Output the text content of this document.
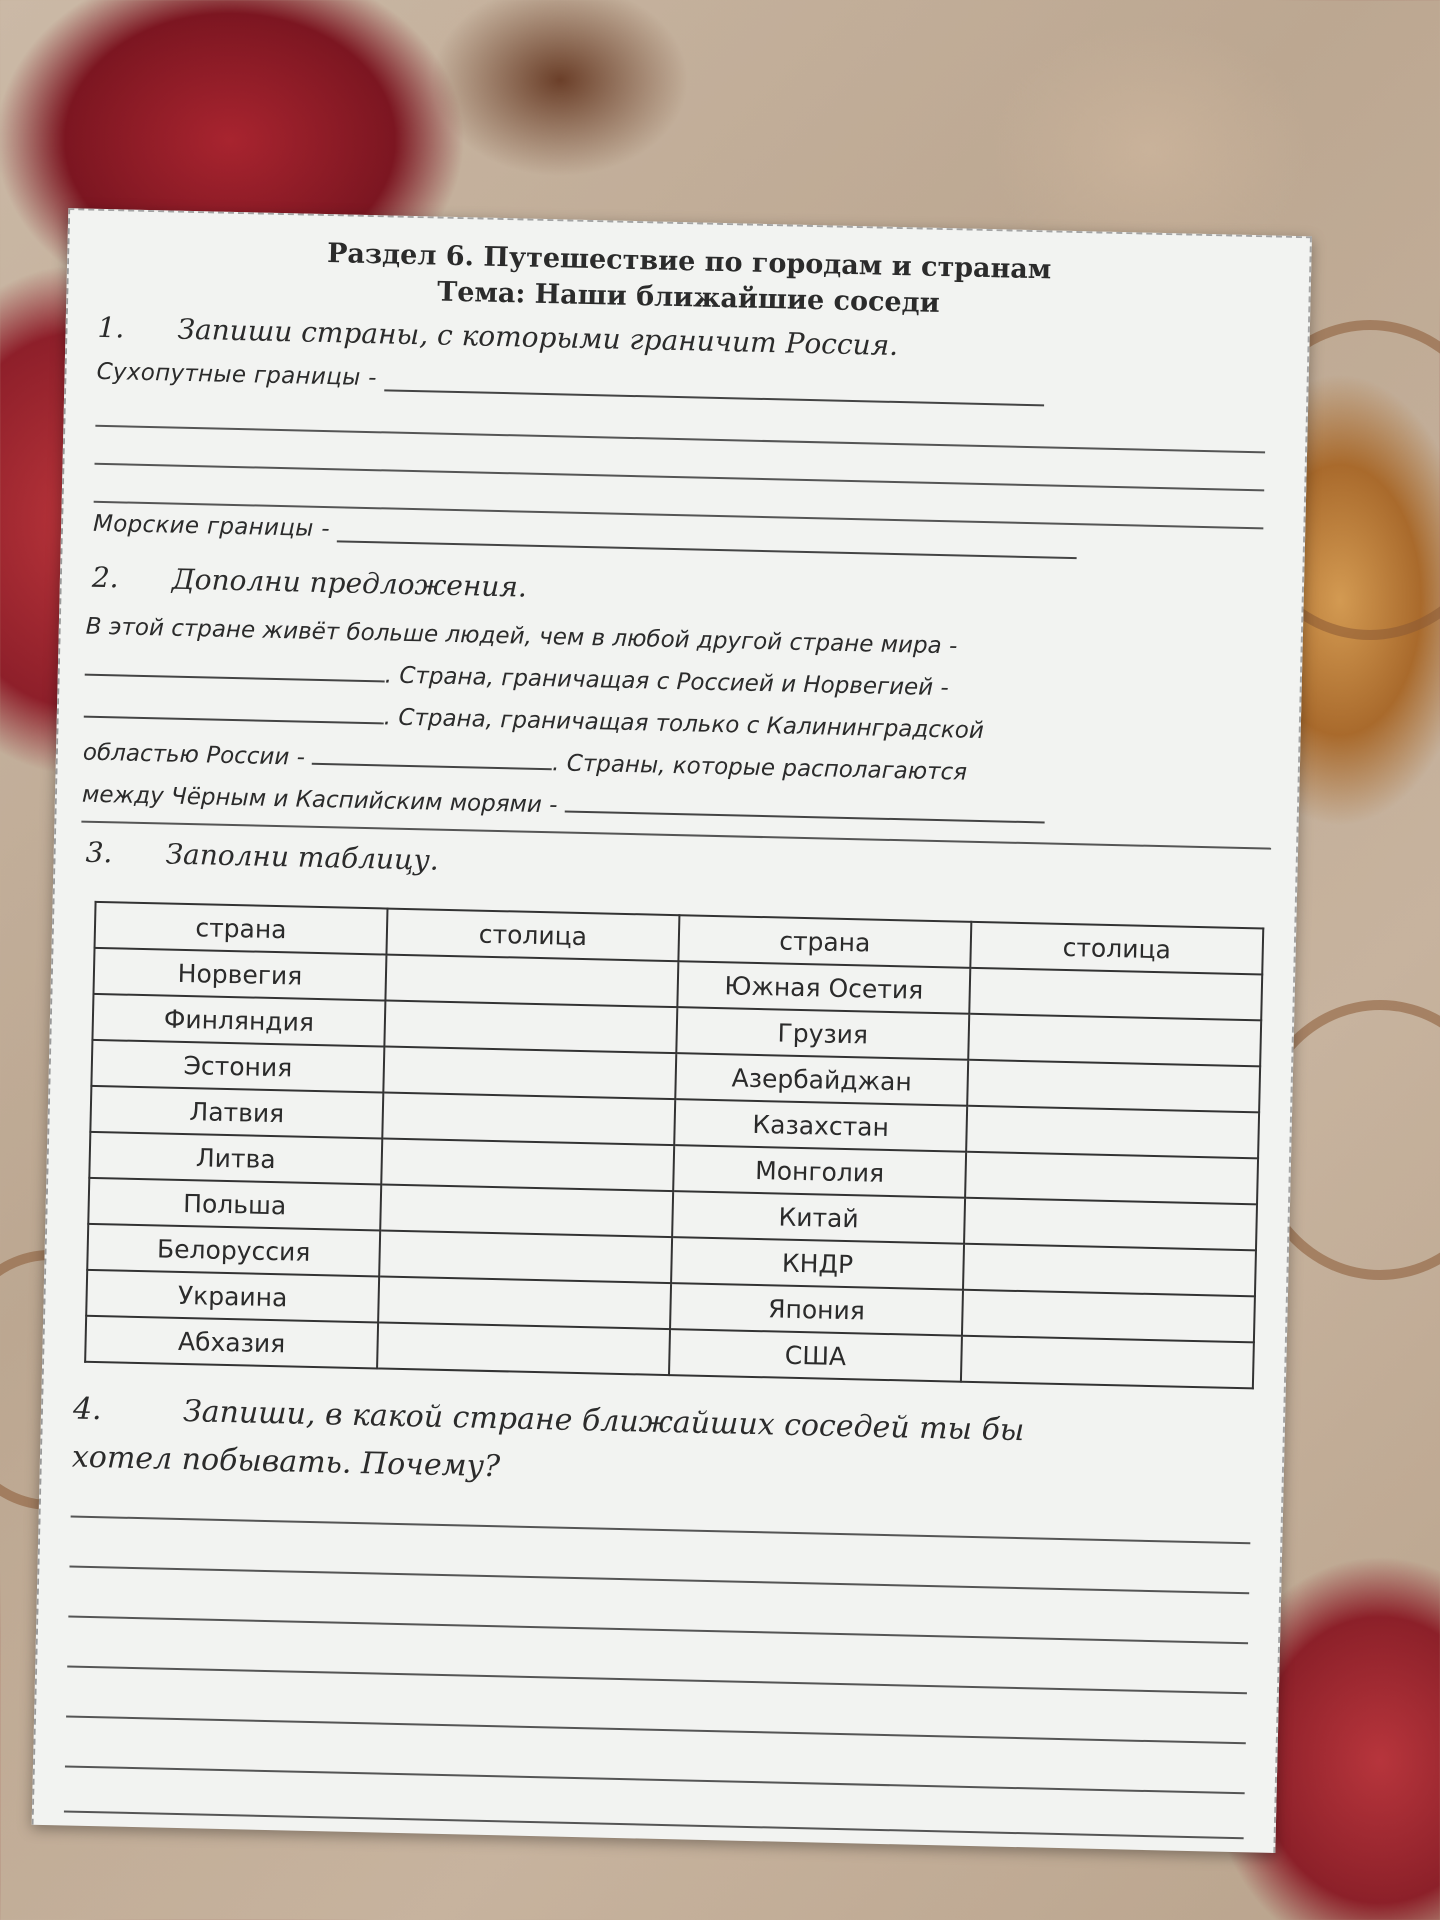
Раздел 6. Путешествие по городам и странам
Тема: Наши ближайшие соседи
1. Запиши страны, с которыми граничит Россия.
Сухопутные границы -
Морские границы -
2. Дополни предложения.
В этой стране живёт больше людей, чем в любой другой стране мира -
. Страна, граничащая с Россией и Норвегией -
. Страна, граничащая только с Калининградской
областью России -	. Страны, которые располагаются
между Чёрным и Каспийским морями -
3. Заполни таблицу.
страна	столица	страна	столица
Норвегия		Южная Осетия	
Финляндия		Грузия	
Эстония		Азербайджан	
Латвия		Казахстан	
Литва		Монголия	
Польша		Китай	
Белоруссия		КНДР	
Украина		Япония	
Абхазия		США	
4.	Запиши, в какой стране ближайших соседей ты бы
хотел побывать. Почему?
